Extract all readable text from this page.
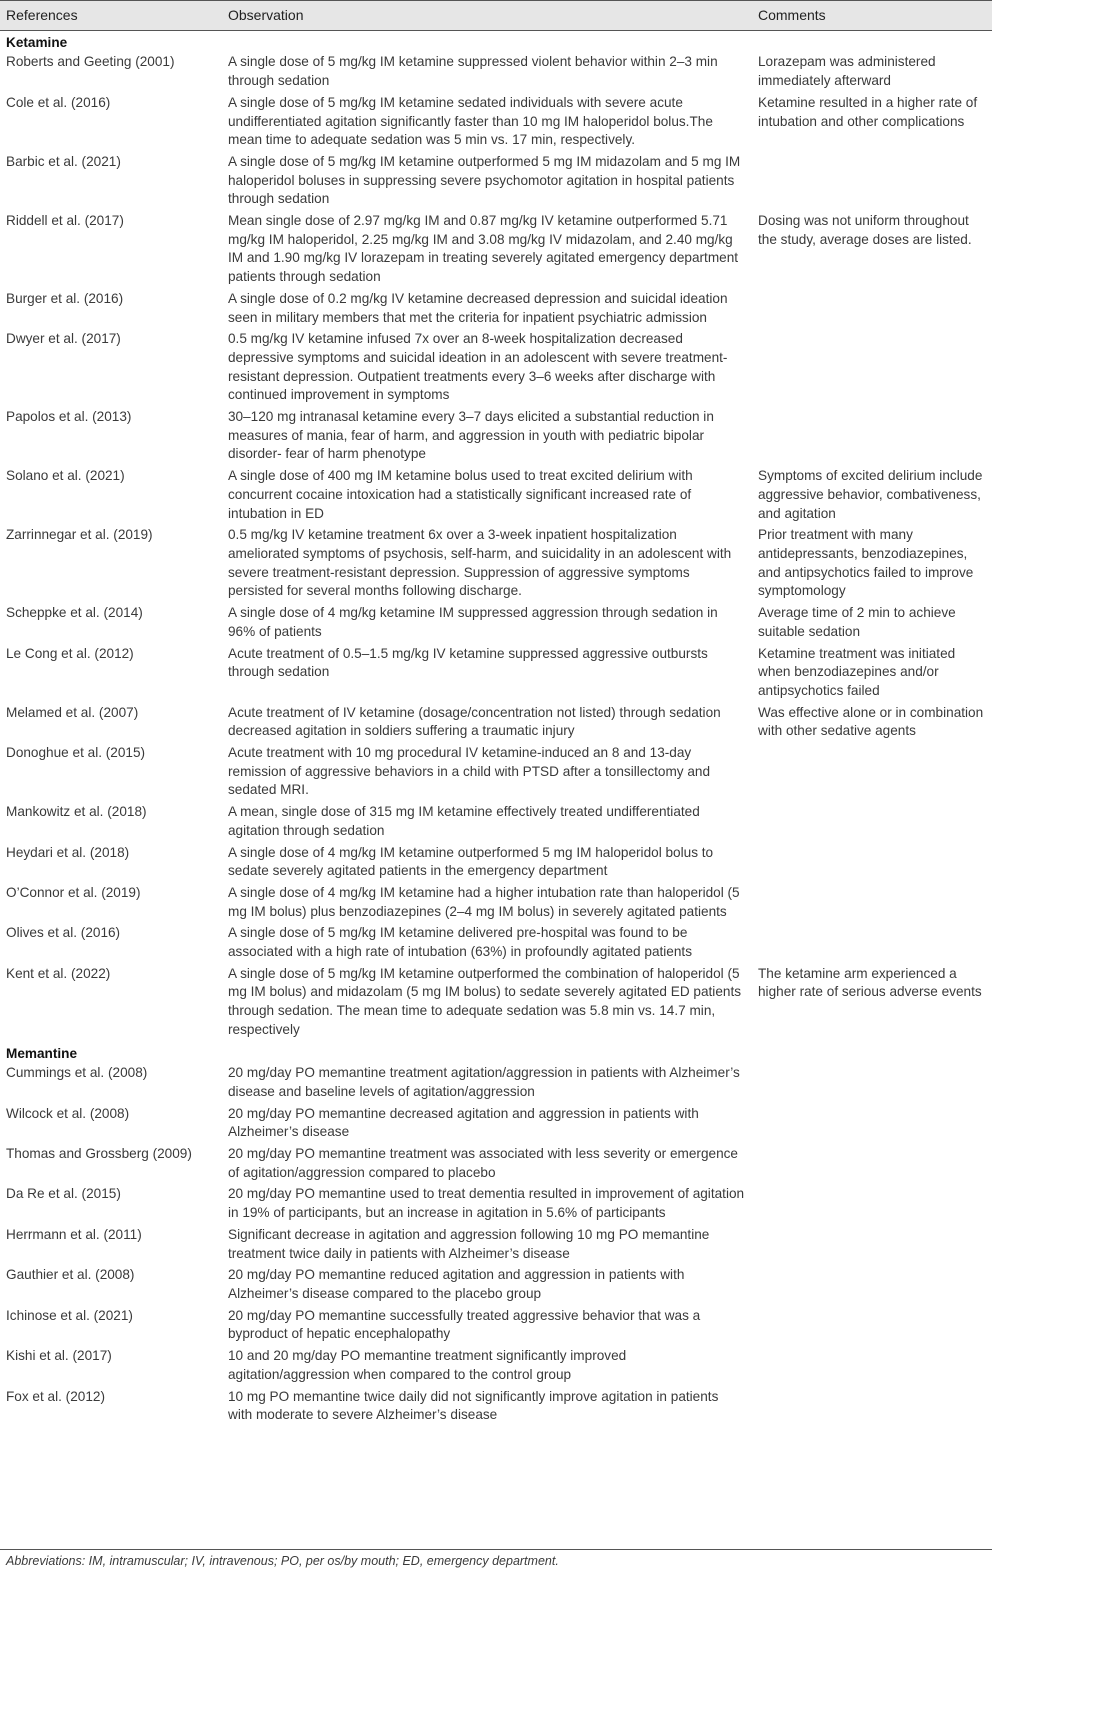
References	Observation	Comments
Ketamine		
Roberts and Geeting (2001)	A single dose of 5 mg/kg IM ketamine suppressed violent behavior within 2–3 min through sedation	Lorazepam was administered immediately afterward
Cole et al. (2016)	A single dose of 5 mg/kg IM ketamine sedated individuals with severe acute undifferentiated agitation significantly faster than 10 mg IM haloperidol bolus.The mean time to adequate sedation was 5 min vs. 17 min, respectively.	Ketamine resulted in a higher rate of intubation and other complications
Barbic et al. (2021)	A single dose of 5 mg/kg IM ketamine outperformed 5 mg IM midazolam and 5 mg IM haloperidol boluses in suppressing severe psychomotor agitation in hospital patients through sedation	
Riddell et al. (2017)	Mean single dose of 2.97 mg/kg IM and 0.87 mg/kg IV ketamine outperformed 5.71 mg/kg IM haloperidol, 2.25 mg/kg IM and 3.08 mg/kg IV midazolam, and 2.40 mg/kg IM and 1.90 mg/kg IV lorazepam in treating severely agitated emergency department patients through sedation	Dosing was not uniform throughout the study, average doses are listed.
Burger et al. (2016)	A single dose of 0.2 mg/kg IV ketamine decreased depression and suicidal ideation seen in military members that met the criteria for inpatient psychiatric admission	
Dwyer et al. (2017)	0.5 mg/kg IV ketamine infused 7x over an 8-week hospitalization decreased depressive symptoms and suicidal ideation in an adolescent with severe treatment-resistant depression. Outpatient treatments every 3–6 weeks after discharge with continued improvement in symptoms	
Papolos et al. (2013)	30–120 mg intranasal ketamine every 3–7 days elicited a substantial reduction in measures of mania, fear of harm, and aggression in youth with pediatric bipolar disorder- fear of harm phenotype	
Solano et al. (2021)	A single dose of 400 mg IM ketamine bolus used to treat excited delirium with concurrent cocaine intoxication had a statistically significant increased rate of intubation in ED	Symptoms of excited delirium include aggressive behavior, combativeness, and agitation
Zarrinnegar et al. (2019)	0.5 mg/kg IV ketamine treatment 6x over a 3-week inpatient hospitalization ameliorated symptoms of psychosis, self-harm, and suicidality in an adolescent with severe treatment-resistant depression. Suppression of aggressive symptoms persisted for several months following discharge.	Prior treatment with many antidepressants, benzodiazepines, and antipsychotics failed to improve symptomology
Scheppke et al. (2014)	A single dose of 4 mg/kg ketamine IM suppressed aggression through sedation in 96% of patients	Average time of 2 min to achieve suitable sedation
Le Cong et al. (2012)	Acute treatment of 0.5–1.5 mg/kg IV ketamine suppressed aggressive outbursts through sedation	Ketamine treatment was initiated when benzodiazepines and/or antipsychotics failed
Melamed et al. (2007)	Acute treatment of IV ketamine (dosage/concentration not listed) through sedation decreased agitation in soldiers suffering a traumatic injury	Was effective alone or in combination with other sedative agents
Donoghue et al. (2015)	Acute treatment with 10 mg procedural IV ketamine-induced an 8 and 13-day remission of aggressive behaviors in a child with PTSD after a tonsillectomy and sedated MRI.	
Mankowitz et al. (2018)	A mean, single dose of 315 mg IM ketamine effectively treated undifferentiated agitation through sedation	
Heydari et al. (2018)	A single dose of 4 mg/kg IM ketamine outperformed 5 mg IM haloperidol bolus to sedate severely agitated patients in the emergency department	
O’Connor et al. (2019)	A single dose of 4 mg/kg IM ketamine had a higher intubation rate than haloperidol (5 mg IM bolus) plus benzodiazepines (2–4 mg IM bolus) in severely agitated patients	
Olives et al. (2016)	A single dose of 5 mg/kg IM ketamine delivered pre-hospital was found to be associated with a high rate of intubation (63%) in profoundly agitated patients	
Kent et al. (2022)	A single dose of 5 mg/kg IM ketamine outperformed the combination of haloperidol (5 mg IM bolus) and midazolam (5 mg IM bolus) to sedate severely agitated ED patients through sedation. The mean time to adequate sedation was 5.8 min vs. 14.7 min, respectively	The ketamine arm experienced a higher rate of serious adverse events
Memantine		
Cummings et al. (2008)	20 mg/day PO memantine treatment agitation/aggression in patients with Alzheimer’s disease and baseline levels of agitation/aggression	
Wilcock et al. (2008)	20 mg/day PO memantine decreased agitation and aggression in patients with Alzheimer’s disease	
Thomas and Grossberg (2009)	20 mg/day PO memantine treatment was associated with less severity or emergence of agitation/aggression compared to placebo	
Da Re et al. (2015)	20 mg/day PO memantine used to treat dementia resulted in improvement of agitation in 19% of participants, but an increase in agitation in 5.6% of participants	
Herrmann et al. (2011)	Significant decrease in agitation and aggression following 10 mg PO memantine treatment twice daily in patients with Alzheimer’s disease	
Gauthier et al. (2008)	20 mg/day PO memantine reduced agitation and aggression in patients with Alzheimer’s disease compared to the placebo group	
Ichinose et al. (2021)	20 mg/day PO memantine successfully treated aggressive behavior that was a byproduct of hepatic encephalopathy	
Kishi et al. (2017)	10 and 20 mg/day PO memantine treatment significantly improved agitation/aggression when compared to the control group	
Fox et al. (2012)	10 mg PO memantine twice daily did not significantly improve agitation in patients with moderate to severe Alzheimer’s disease	
Abbreviations: IM, intramuscular; IV, intravenous; PO, per os/by mouth; ED, emergency department.
